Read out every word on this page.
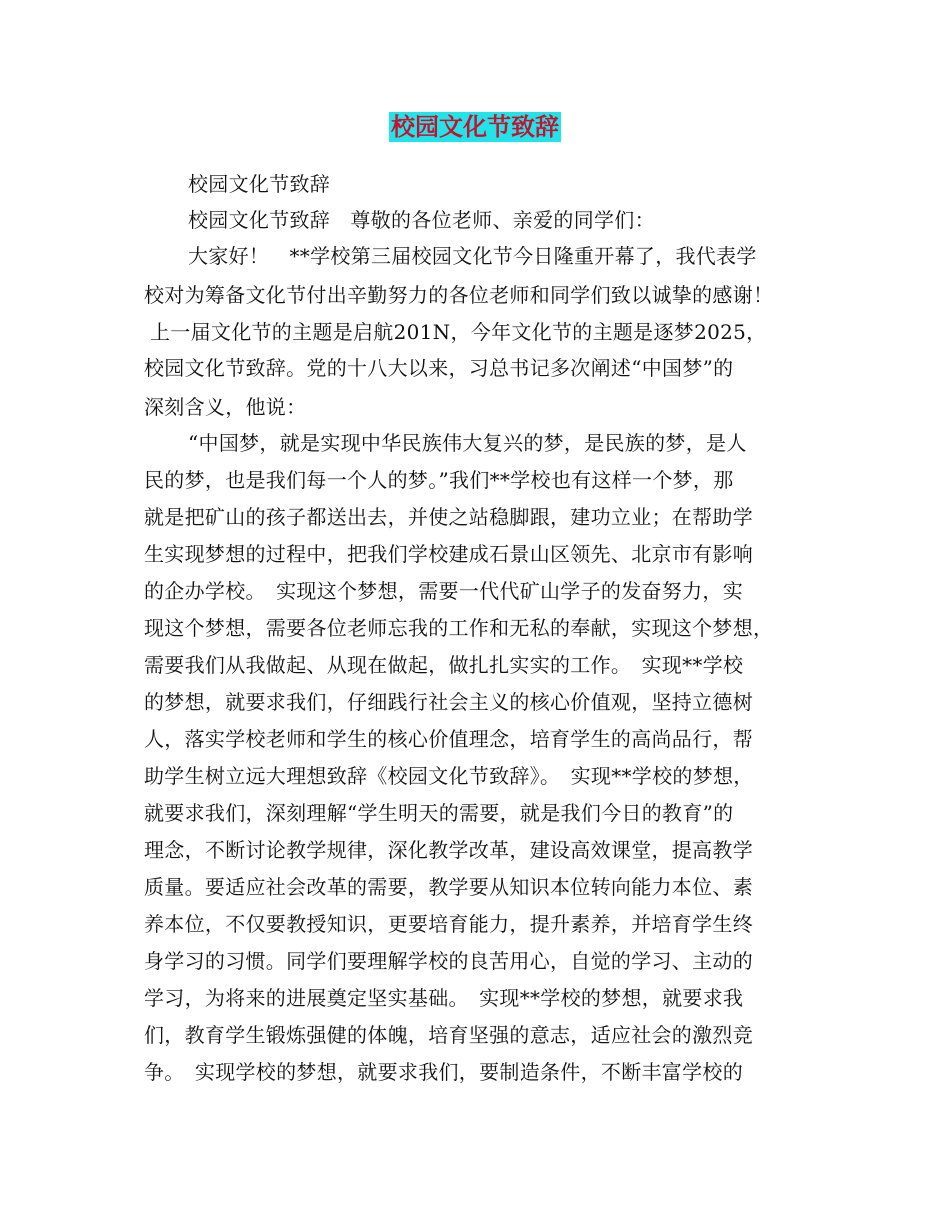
校园文化节致辞
校园文化节致辞
校园文化节致辞　尊敬的各位老师、亲爱的同学们：
大家好！　**学校第三届校园文化节今日隆重开幕了，我代表学
校对为筹备文化节付出辛勤努力的各位老师和同学们致以诚挚的感谢！
上一届文化节的主题是启航201N，今年文化节的主题是逐梦2025，
校园文化节致辞。党的十八大以来，习总书记多次阐述“中国梦”的
深刻含义，他说：
“中国梦，就是实现中华民族伟大复兴的梦，是民族的梦，是人
民的梦，也是我们每一个人的梦。”我们**学校也有这样一个梦，那
就是把矿山的孩子都送出去，并使之站稳脚跟，建功立业；在帮助学
生实现梦想的过程中，把我们学校建成石景山区领先、北京市有影响
的企办学校。　实现这个梦想，需要一代代矿山学子的发奋努力，实
现这个梦想，需要各位老师忘我的工作和无私的奉献，实现这个梦想，
需要我们从我做起、从现在做起，做扎扎实实的工作。　实现**学校
的梦想，就要求我们，仔细践行社会主义的核心价值观，坚持立德树
人，落实学校老师和学生的核心价值理念，培育学生的高尚品行，帮
助学生树立远大理想致辞《校园文化节致辞》。　实现**学校的梦想，
就要求我们，深刻理解“学生明天的需要，就是我们今日的教育”的
理念，不断讨论教学规律，深化教学改革，建设高效课堂，提高教学
质量。要适应社会改革的需要，教学要从知识本位转向能力本位、素
养本位，不仅要教授知识，更要培育能力，提升素养，并培育学生终
身学习的习惯。同学们要理解学校的良苦用心，自觉的学习、主动的
学习，为将来的进展奠定坚实基础。　实现**学校的梦想，就要求我
们，教育学生锻炼强健的体魄，培育坚强的意志，适应社会的激烈竞
争。　实现学校的梦想，就要求我们，要制造条件，不断丰富学校的
